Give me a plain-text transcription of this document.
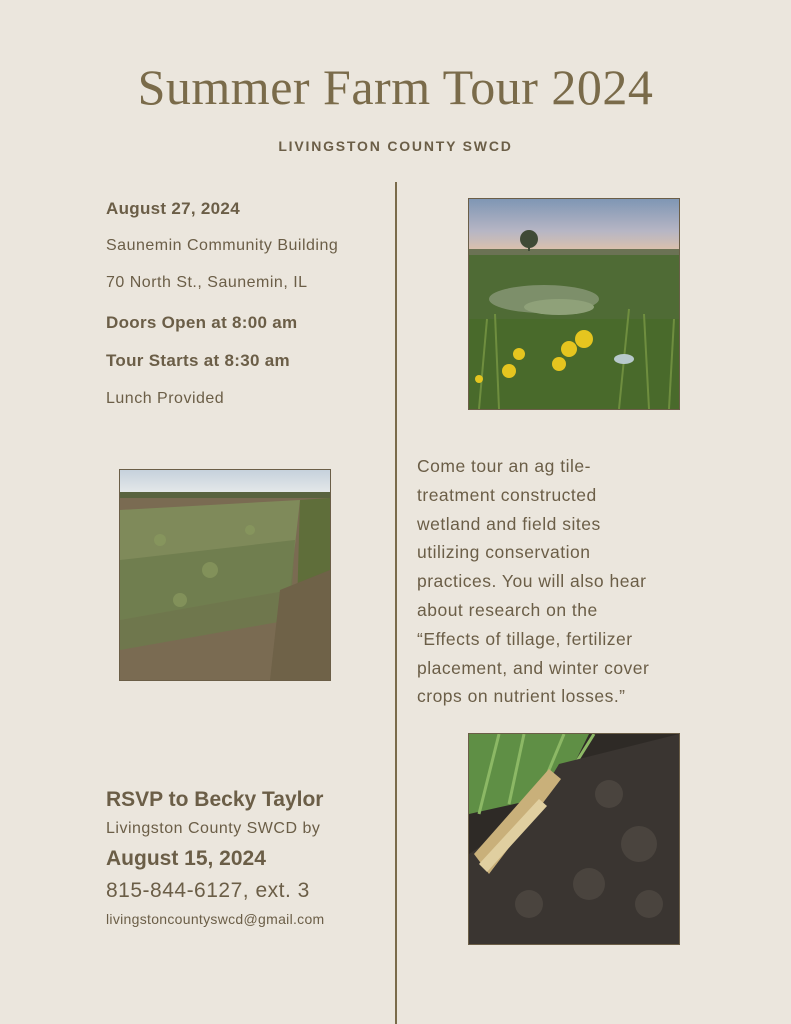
Summer Farm Tour 2024
LIVINGSTON COUNTY SWCD
August 27, 2024
Saunemin Community Building
70 North St., Saunemin, IL
Doors Open at 8:00 am
Tour Starts at 8:30 am
Lunch Provided
Come tour an ag tile-
treatment constructed
wetland and field sites
utilizing conservation
practices. You will also hear
about research on the
“Effects of tillage, fertilizer
placement, and winter cover
crops on nutrient losses.”
RSVP to Becky Taylor
Livingston County SWCD by
August 15, 2024
815-844-6127, ext. 3
livingstoncountyswcd@gmail.com
